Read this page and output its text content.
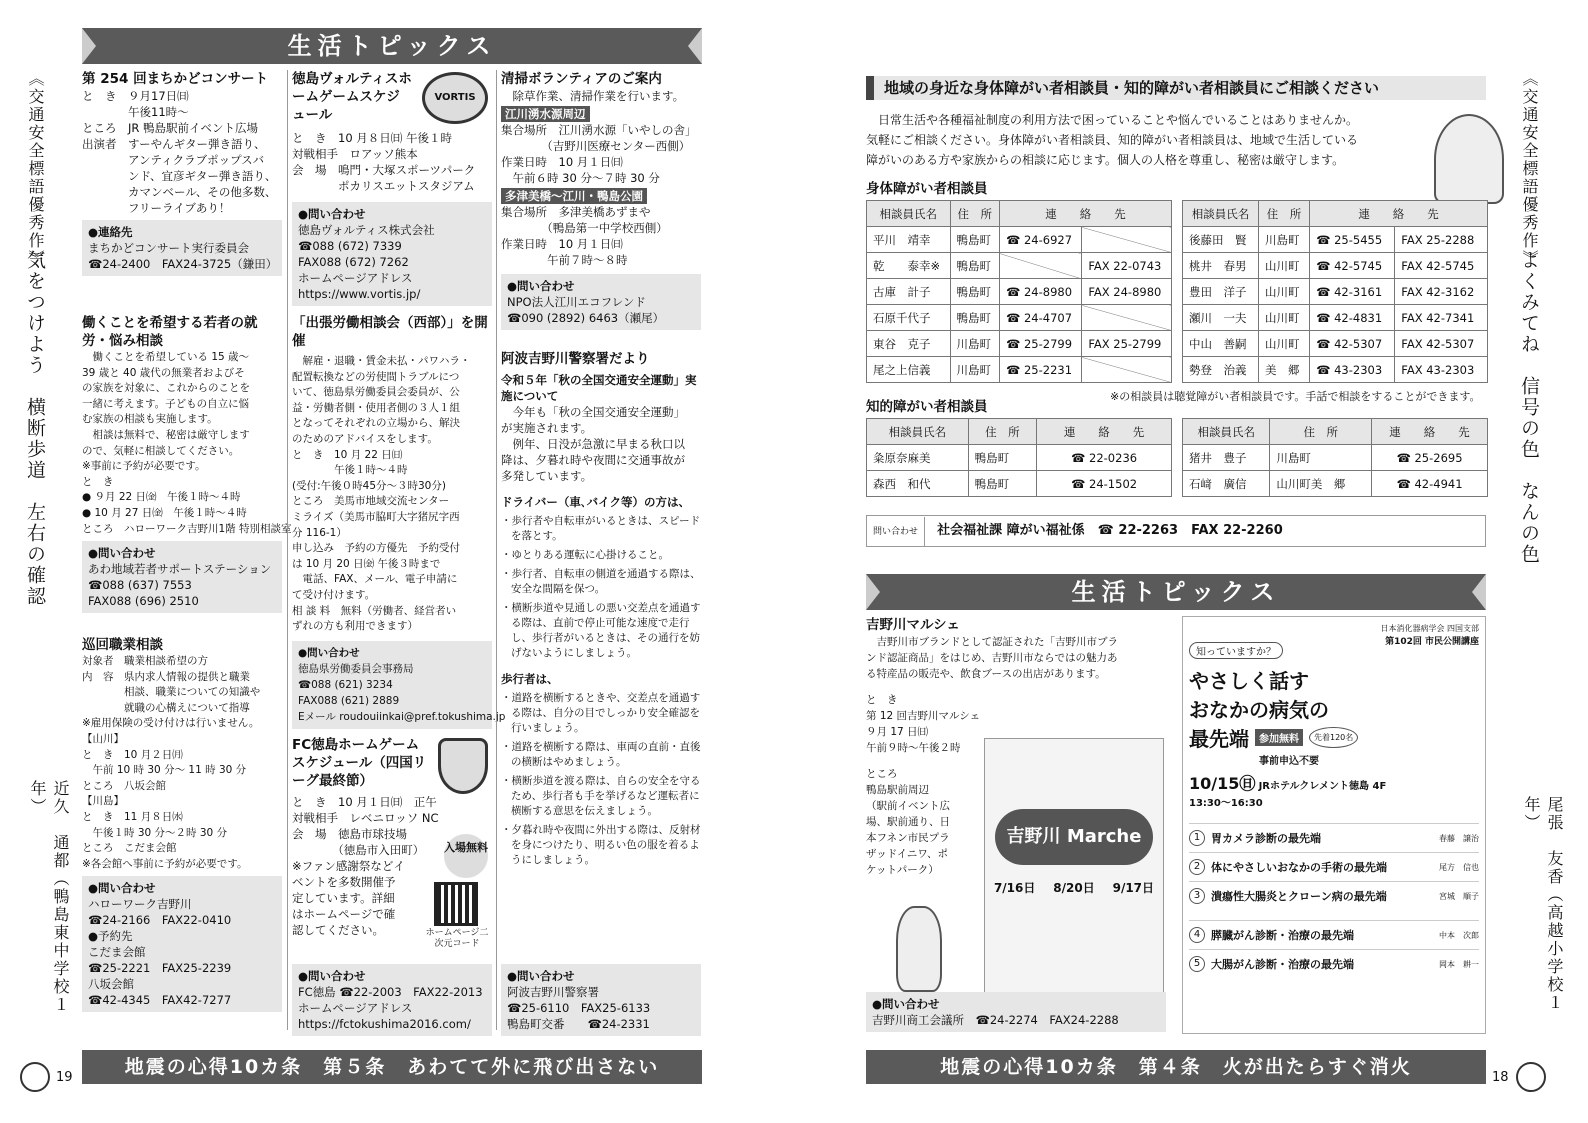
《交通安全標語優秀作》
気をつけよう　横断歩道　左右の確認
近久　通都（鴨島東中学校１年）
19
生活トピックス
第 254 回まちかどコンサート
と　き　９月17日㈰
　　　　午後11時～
ところ　JR 鴨島駅前イベント広場
出演者　すーやんギター弾き語り、
　　　　アンティクラブポップスバ
　　　　ンド、宜彦ギター弾き語り、
　　　　カマンベール、その他多数、
　　　　フリーライブあり！
●連絡先
まちかどコンサート実行委員会
☎24-2400　FAX24-3725（鎌田）
働くことを希望する若者の就労・悩み相談
　働くことを希望している 15 歳～
39 歳と 40 歳代の無業者およびそ
の家族を対象に、これからのことを
一緒に考えます。子どもの自立に悩
む家族の相談も実施します。
　相談は無料で、秘密は厳守します
ので、気軽に相談してください。
※事前に予約が必要です。
と　き
● ９月 22 日㈮　午後１時～４時
● 10 月 27 日㈮　午後１時～４時
ところ　ハローワーク吉野川1階 特別相談室
●問い合わせ
あわ地域若者サポートステーション
☎088 (637) 7553
FAX088 (696) 2510
巡回職業相談
対象者　職業相談希望の方
内　容　県内求人情報の提供と職業
　　　　相談、職業についての知識や
　　　　就職の心構えについて指導
※雇用保険の受け付けは行いません。
【山川】
と　き　10 月２日㈪
　午前 10 時 30 分～ 11 時 30 分
ところ　八坂会館
【川島】
と　き　11 月８日㈬
　午後１時 30 分～２時 30 分
ところ　こだま会館
※各会館へ事前に予約が必要です。
●問い合わせ
ハローワーク吉野川
☎24-2166　FAX22-0410
●予約先
こだま会館
☎25-2221　FAX25-2239
八坂会館
☎42-4345　FAX42-7277
徳島ヴォルティスホームゲームスケジュール
VORTIS
と　き　10 月８日㈰ 午後１時
対戦相手　ロアッソ熊本
会　場　鳴門・大塚スポーツパーク
　　　　ポカリスエットスタジアム
●問い合わせ
徳島ヴォルティス株式会社
☎088 (672) 7339
FAX088 (672) 7262
ホームページアドレス
https://www.vortis.jp/
「出張労働相談会（西部）」を開催
　解雇・退職・賃金未払・パワハラ・
配置転換などの労使間トラブルにつ
いて、徳島県労働委員会委員が、公
益・労働者側・使用者側の３人１組
となってそれぞれの立場から、解決
のためのアドバイスをします。
と　き　10 月 22 日㈰
　　　　午後１時～４時
(受付:午後０時45分～３時30分)
ところ　美馬市地域交流センター
ミライズ（美馬市脇町大字猪尻字西
分 116-1）
申し込み　予約の方優先　予約受付
は 10 月 20 日㈮ 午後３時まで
　電話、FAX、メール、電子申請に
て受け付けます。
相 談 料　無料（労働者、経営者い
ずれの方も利用できます）
●問い合わせ
徳島県労働委員会事務局
☎088 (621) 3234
FAX088 (621) 2889
Eメール roudouiinkai@pref.tokushima.jp
FC徳島ホームゲームスケジュール（四国リーグ最終節）
と　き　10 月１日㈰　正午
対戦相手　レベニロッソ NC
会　場　徳島市球技場
　　　　（徳島市入田町）
※ファン感謝祭などイ
ベントを多数開催予
定しています。詳細
はホームページで確
認してください。
入場無料
ホームページ二次元コード
●問い合わせ
FC徳島 ☎22-2003　FAX22-2013
ホームページアドレス
https://fctokushima2016.com/
清掃ボランティアのご案内
　除草作業、清掃作業を行います。
江川湧水源周辺
集合場所　江川湧水源「いやしの舎」
　　　　（吉野川医療センター西側）
作業日時　10 月１日㈰
　午前６時 30 分～７時 30 分
多津美橋～江川・鴨島公園
集合場所　多津美橋あずまや
　　　　（鴨島第一中学校西側）
作業日時　10 月１日㈰
　　　　午前７時～８時
●問い合わせ
NPO法人江川エコフレンド
☎090 (2892) 6463（瀬尾）
阿波吉野川警察署だより
令和５年「秋の全国交通安全運動」実施について
　今年も「秋の全国交通安全運動」
が実施されます。
　例年、日没が急激に早まる秋口以
降は、夕暮れ時や夜間に交通事故が
多発しています。
ドライバー（車､バイク等）の方は、
・歩行者や自転車がいるときは、スピードを落とす。
・ゆとりある運転に心掛けること。
・歩行者、自転車の側道を通過する際は、安全な間隔を保つ。
・横断歩道や見通しの悪い交差点を通過する際は、直前で停止可能な速度で走行し、歩行者がいるときは、その通行を妨げないようにしましょう。
歩行者は、
・道路を横断するときや、交差点を通過する際は、自分の目でしっかり安全確認を行いましょう。
・道路を横断する際は、車両の直前・直後の横断はやめましょう。
・横断歩道を渡る際は、自らの安全を守るため、歩行者も手を挙げるなど運転者に横断する意思を伝えましょう。
・夕暮れ時や夜間に外出する際は、反射材を身につけたり、明るい色の服を着るようにしましょう。
●問い合わせ
阿波吉野川警察署
☎25-6110　FAX25-6133
鴨島町交番　　☎24-2331
地震の心得10カ条　第５条　あわてて外に飛び出さない
地域の身近な身体障がい者相談員・知的障がい者相談員にご相談ください
　日常生活や各種福祉制度の利用方法で困っていることや悩んでいることはありませんか。
気軽にご相談ください。身体障がい者相談員、知的障がい者相談員は、地域で生活している
障がいのある方や家族からの相談に応じます。個人の人格を尊重し、秘密は厳守します。
身体障がい者相談員
相談員氏名	住　所	連　　絡　　先	
平川　靖幸	鴨島町	☎ 24-6927	
乾　　泰幸※	鴨島町		FAX 22-0743
古庫　計子	鴨島町	☎ 24-8980	FAX 24-8980
石原千代子	鴨島町	☎ 24-4707	
東谷　克子	川島町	☎ 25-2799	FAX 25-2799
尾之上信義	川島町	☎ 25-2231	
相談員氏名	住　所	連　　絡　　先	
後藤田　賢	川島町	☎ 25-5455	FAX 25-2288
桃井　春男	山川町	☎ 42-5745	FAX 42-5745
豊田　洋子	山川町	☎ 42-3161	FAX 42-3162
瀬川　一夫	山川町	☎ 42-4831	FAX 42-7341
中山　善嗣	山川町	☎ 42-5307	FAX 42-5307
勢登　治義	美　郷	☎ 43-2303	FAX 43-2303
※の相談員は聴覚障がい者相談員です。手話で相談をすることができます。
知的障がい者相談員
相談員氏名	住　所	連　　絡　　先
粂原奈麻美	鴨島町	☎ 22-0236
森西　和代	鴨島町	☎ 24-1502
相談員氏名	住　所	連　　絡　　先
猪井　豊子	川島町	☎ 25-2695
石﨑　廣信	山川町美　郷	☎ 42-4941
問い合わせ 社会福祉課 障がい福祉係　☎ 22-2263　FAX 22-2260
生活トピックス
吉野川マルシェ
　吉野川市ブランドとして認証された「吉野川市ブラ
ンド認証商品」をはじめ、吉野川市ならではの魅力あ
る特産品の販売や、飲食ブースの出店があります。
と　き
第 12 回吉野川マルシェ
９月 17 日㈰
午前９時～午後２時
ところ
鴨島駅前周辺
（駅前イベント広
場、駅前通り、日
本フネン市民プラ
ザッドイニワ、ポ
ケットパーク）
吉野川 Marche
7/16日 8/20日 9/17日
●問い合わせ
吉野川商工会議所　☎24-2274　FAX24-2288
日本消化器病学会 四国支部
第102回 市民公開講座
知っていますか？
やさしく話す
おなかの病気の
最先端	参加無料	先着120名
事前申込不要
10/15㊐ JRホテルクレメント徳島 4F
13:30～16:30
1 胃カメラ診断の最先端	春藤　譲治
2 体にやさしいおなかの手術の最先端	尾方　信也
3 潰瘍性大腸炎とクローン病の最先端	宮城　順子
4 膵臓がん診断・治療の最先端	中本　次郎
5 大腸がん診断・治療の最先端	岡本　耕一
《交通安全標語優秀作》
よくみてね　信号の色　なんの色
尾張　友香（高越小学校１年）
18
地震の心得10カ条　第４条　火が出たらすぐ消火
